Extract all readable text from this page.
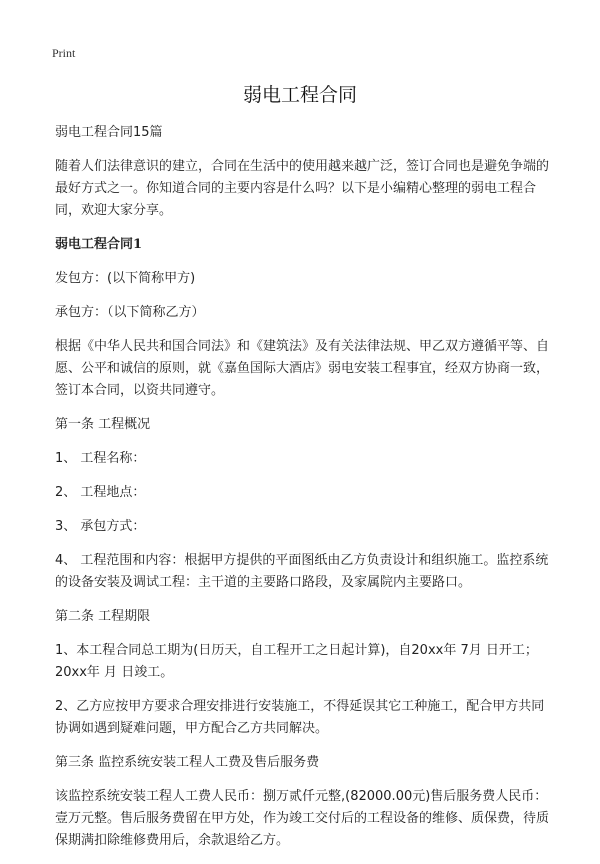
Print
弱电工程合同

弱电工程合同15篇

随着人们法律意识的建立，合同在生活中的使用越来越广泛，签订合同也是避免争端的最好方式之一。你知道合同的主要内容是什么吗？以下是小编精心整理的弱电工程合同，欢迎大家分享。

弱电工程合同1

发包方：(以下简称甲方)

承包方：（以下简称乙方）

根据《中华人民共和国合同法》和《建筑法》及有关法律法规、甲乙双方遵循平等、自愿、公平和诚信的原则，就《嘉鱼国际大酒店》弱电安装工程事宜，经双方协商一致，签订本合同，以资共同遵守。

第一条 工程概况

1、 工程名称：

2、 工程地点：

3、 承包方式：

4、 工程范围和内容：根据甲方提供的平面图纸由乙方负责设计和组织施工。监控系统的设备安装及调试工程：主干道的主要路口路段，及家属院内主要路口。

第二条 工程期限

1、本工程合同总工期为(日历天，自工程开工之日起计算)，自20xx年 7月 日开工；20xx年 月 日竣工。

2、乙方应按甲方要求合理安排进行安装施工，不得延误其它工种施工，配合甲方共同协调如遇到疑难问题，甲方配合乙方共同解决。

第三条 监控系统安装工程人工费及售后服务费

该监控系统安装工程人工费人民币：捌万贰仟元整,(82000.00元)售后服务费人民币：壹万元整。售后服务费留在甲方处，作为竣工交付后的工程设备的维修、质保费，待质保期满扣除维修费用后，余款退给乙方。
